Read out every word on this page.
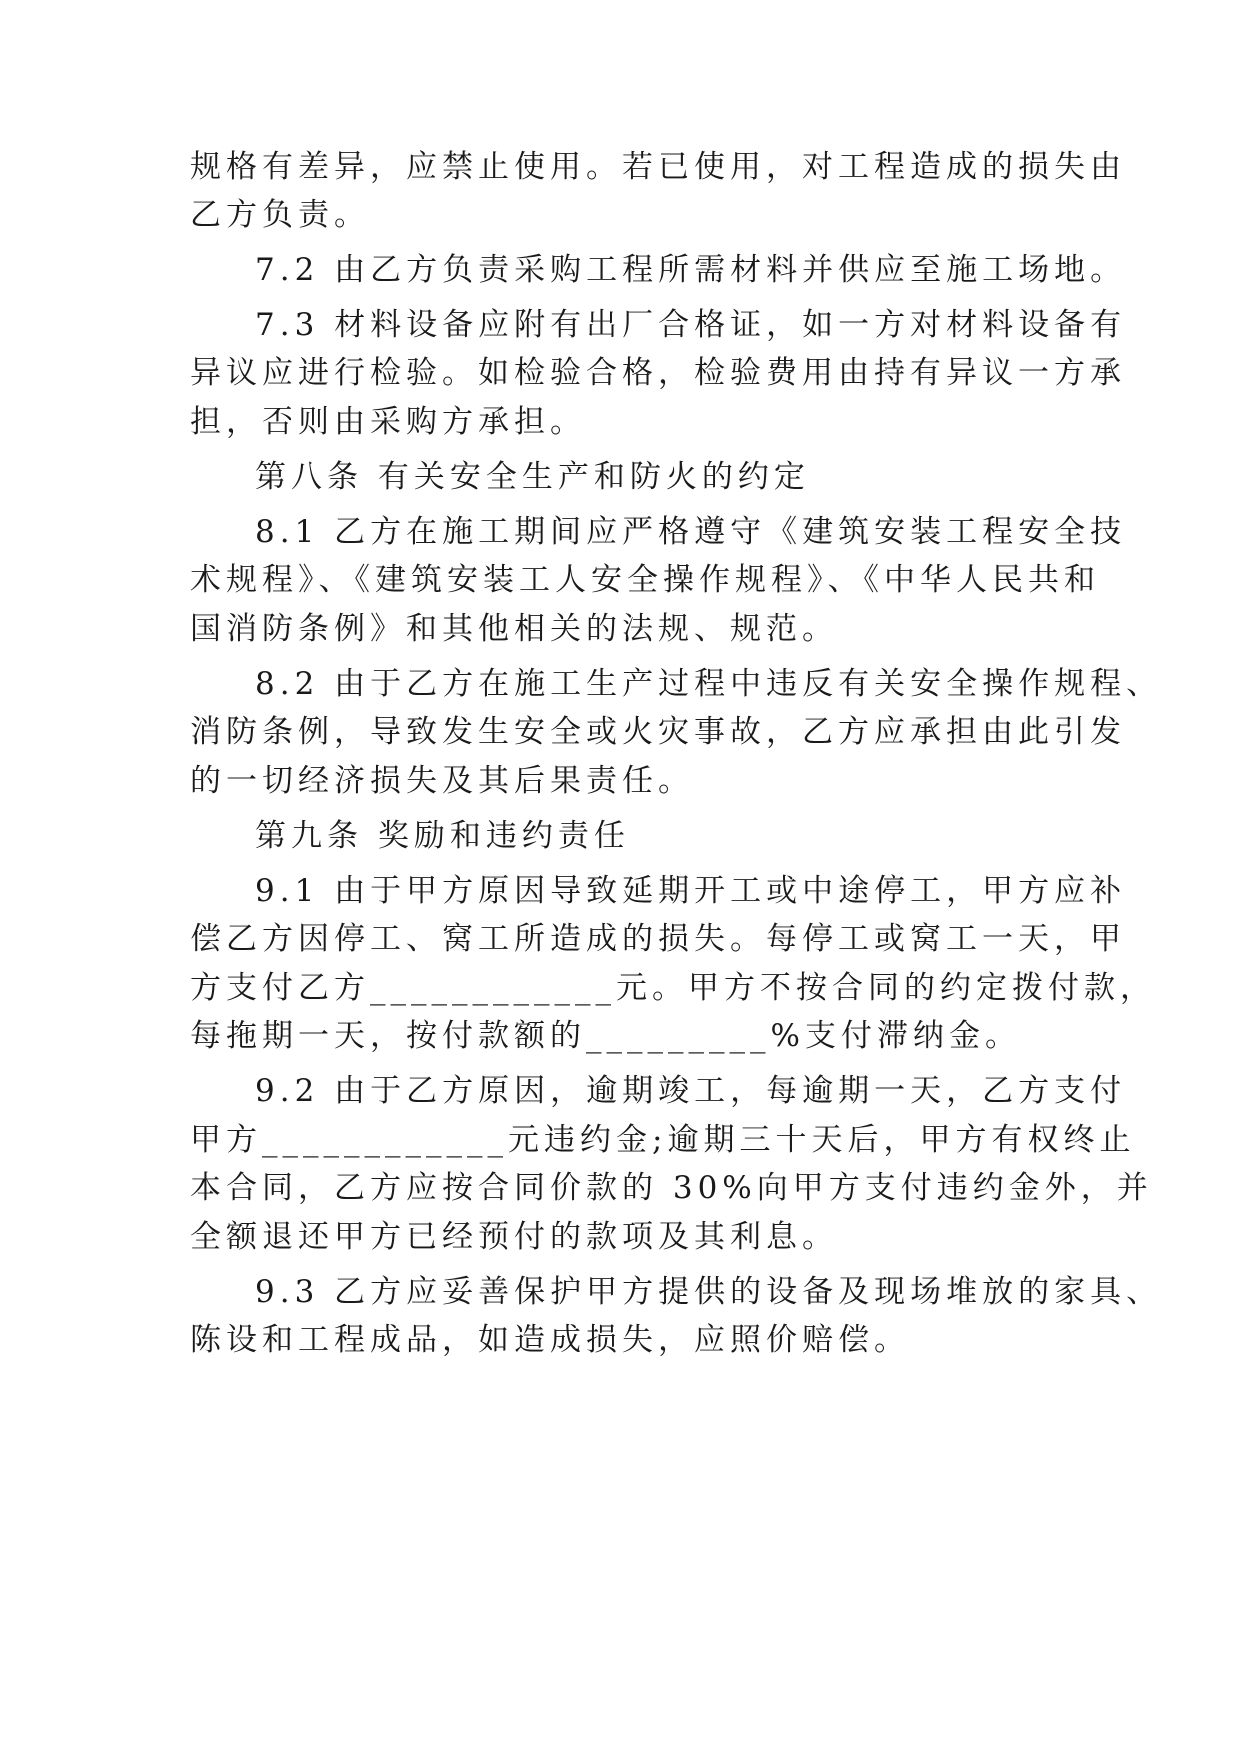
规格有差异，应禁止使用。若已使用，对工程造成的损失由
乙方负责。
7.2 由乙方负责采购工程所需材料并供应至施工场地。
7.3 材料设备应附有出厂合格证，如一方对材料设备有
异议应进行检验。如检验合格，检验费用由持有异议一方承
担，否则由采购方承担。
第八条 有关安全生产和防火的约定
8.1 乙方在施工期间应严格遵守《建筑安装工程安全技
术规程》、《建筑安装工人安全操作规程》、《中华人民共和
国消防条例》和其他相关的法规、规范。
8.2 由于乙方在施工生产过程中违反有关安全操作规程、
消防条例，导致发生安全或火灾事故，乙方应承担由此引发
的一切经济损失及其后果责任。
第九条 奖励和违约责任
9.1 由于甲方原因导致延期开工或中途停工，甲方应补
偿乙方因停工、窝工所造成的损失。每停工或窝工一天，甲
方支付乙方____________元。甲方不按合同的约定拨付款，
每拖期一天，按付款额的_________%支付滞纳金。
9.2 由于乙方原因，逾期竣工，每逾期一天，乙方支付
甲方____________元违约金;逾期三十天后，甲方有权终止
本合同，乙方应按合同价款的 30%向甲方支付违约金外，并
全额退还甲方已经预付的款项及其利息。
9.3 乙方应妥善保护甲方提供的设备及现场堆放的家具、
陈设和工程成品，如造成损失，应照价赔偿。
